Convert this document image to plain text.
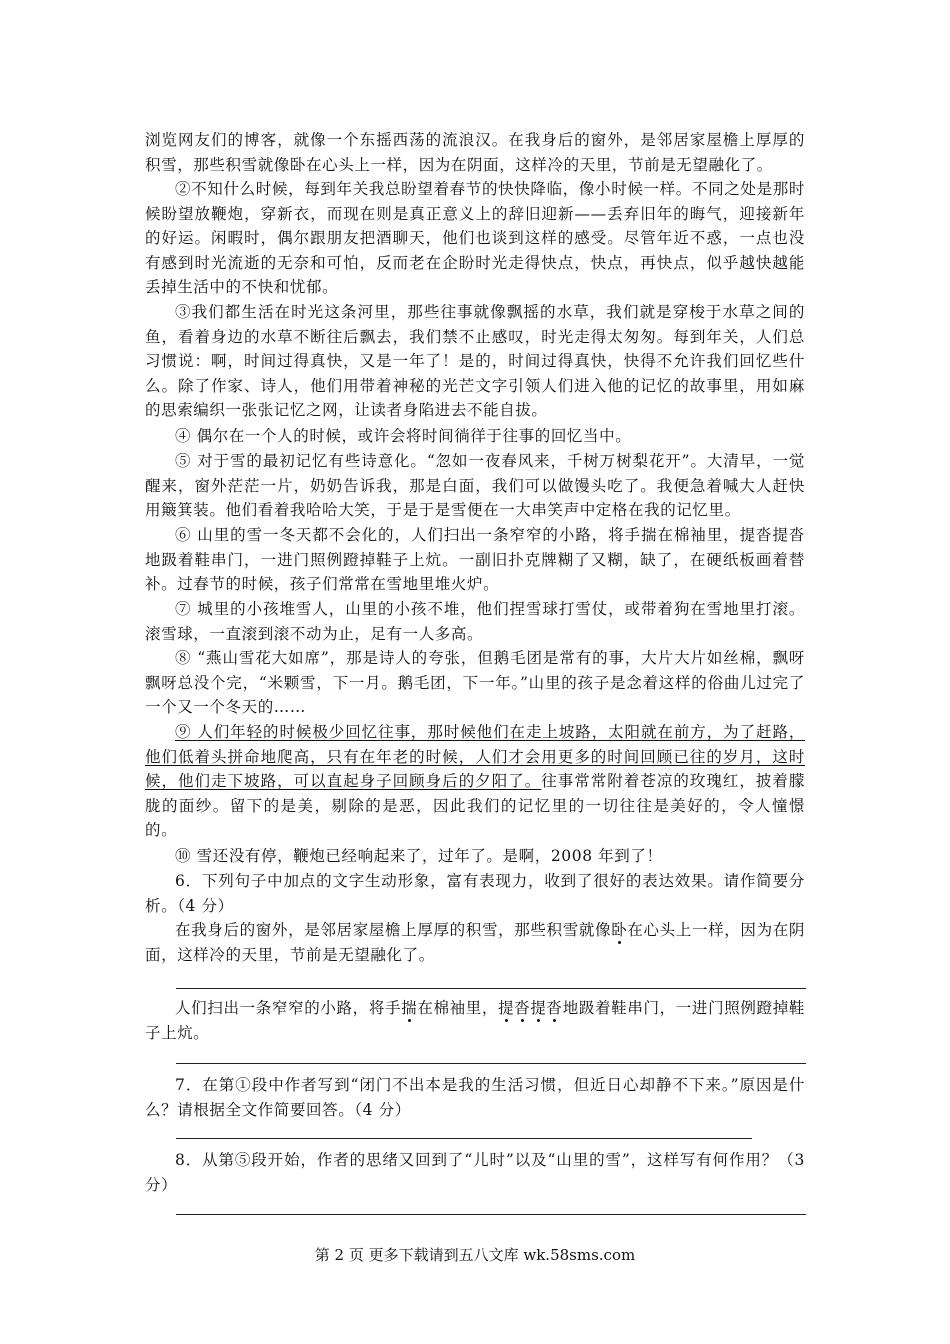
浏览网友们的博客，就像一个东摇西荡的流浪汉。在我身后的窗外，是邻居家屋檐上厚厚的积雪，那些积雪就像卧在心头上一样，因为在阴面，这样冷的天里，节前是无望融化了。

②不知什么时候，每到年关我总盼望着春节的快快降临，像小时候一样。不同之处是那时候盼望放鞭炮，穿新衣，而现在则是真正意义上的辞旧迎新——丢弃旧年的晦气，迎接新年的好运。闲暇时，偶尔跟朋友把酒聊天，他们也谈到这样的感受。尽管年近不惑，一点也没有感到时光流逝的无奈和可怕，反而老在企盼时光走得快点，快点，再快点，似乎越快越能丢掉生活中的不快和忧郁。

③我们都生活在时光这条河里，那些往事就像飘摇的水草，我们就是穿梭于水草之间的鱼，看着身边的水草不断往后飘去，我们禁不止感叹，时光走得太匆匆。每到年关，人们总习惯说：啊，时间过得真快，又是一年了！是的，时间过得真快，快得不允许我们回忆些什么。除了作家、诗人，他们用带着神秘的光芒文字引领人们进入他的记忆的故事里，用如麻的思索编织一张张记忆之网，让读者身陷进去不能自拔。

④ 偶尔在一个人的时候，或许会将时间徜徉于往事的回忆当中。

⑤ 对于雪的最初记忆有些诗意化。“忽如一夜春风来，千树万树梨花开”。大清早，一觉醒来，窗外茫茫一片，奶奶告诉我，那是白面，我们可以做馒头吃了。我便急着喊大人赶快用簸箕装。他们看着我哈哈大笑，于是于是雪便在一大串笑声中定格在我的记忆里。

⑥ 山里的雪一冬天都不会化的，人们扫出一条窄窄的小路，将手揣在棉袖里，提沓提沓地趿着鞋串门，一进门照例蹬掉鞋子上炕。一副旧扑克牌糊了又糊，缺了，在硬纸板画着替补。过春节的时候，孩子们常常在雪地里堆火炉。

⑦ 城里的小孩堆雪人，山里的小孩不堆，他们捏雪球打雪仗，或带着狗在雪地里打滚。滚雪球，一直滚到滚不动为止，足有一人多高。

⑧ “燕山雪花大如席”，那是诗人的夸张，但鹅毛团是常有的事，大片大片如丝棉，飘呀飘呀总没个完，“米颗雪，下一月。鹅毛团，下一年。”山里的孩子是念着这样的俗曲儿过完了一个又一个冬天的……

⑨ 人们年轻的时候极少回忆往事，那时候他们在走上坡路，太阳就在前方，为了赶路，他们低着头拼命地爬高，只有在年老的时候，人们才会用更多的时间回顾已往的岁月，这时候，他们走下坡路，可以直起身子回顾身后的夕阳了。往事常常附着苍凉的玫瑰红，披着朦胧的面纱。留下的是美，剔除的是恶，因此我们的记忆里的一切往往是美好的，令人憧憬的。

⑩ 雪还没有停，鞭炮已经响起来了，过年了。是啊，2008 年到了！

6．下列句子中加点的文字生动形象，富有表现力，收到了很好的表达效果。请作简要分析。（4 分）

在我身后的窗外，是邻居家屋檐上厚厚的积雪，那些积雪就像卧在心头上一样，因为在阴面，这样冷的天里，节前是无望融化了。

人们扫出一条窄窄的小路，将手揣在棉袖里，提沓提沓地趿着鞋串门，一进门照例蹬掉鞋子上炕。

7．在第①段中作者写到“闭门不出本是我的生活习惯，但近日心却静不下来。”原因是什么？请根据全文作简要回答。（4 分）

8．从第⑤段开始，作者的思绪又回到了“儿时”以及“山里的雪”，这样写有何作用？（3 分）

第 2 页 更多下载请到五八文库 wk.58sms.com
